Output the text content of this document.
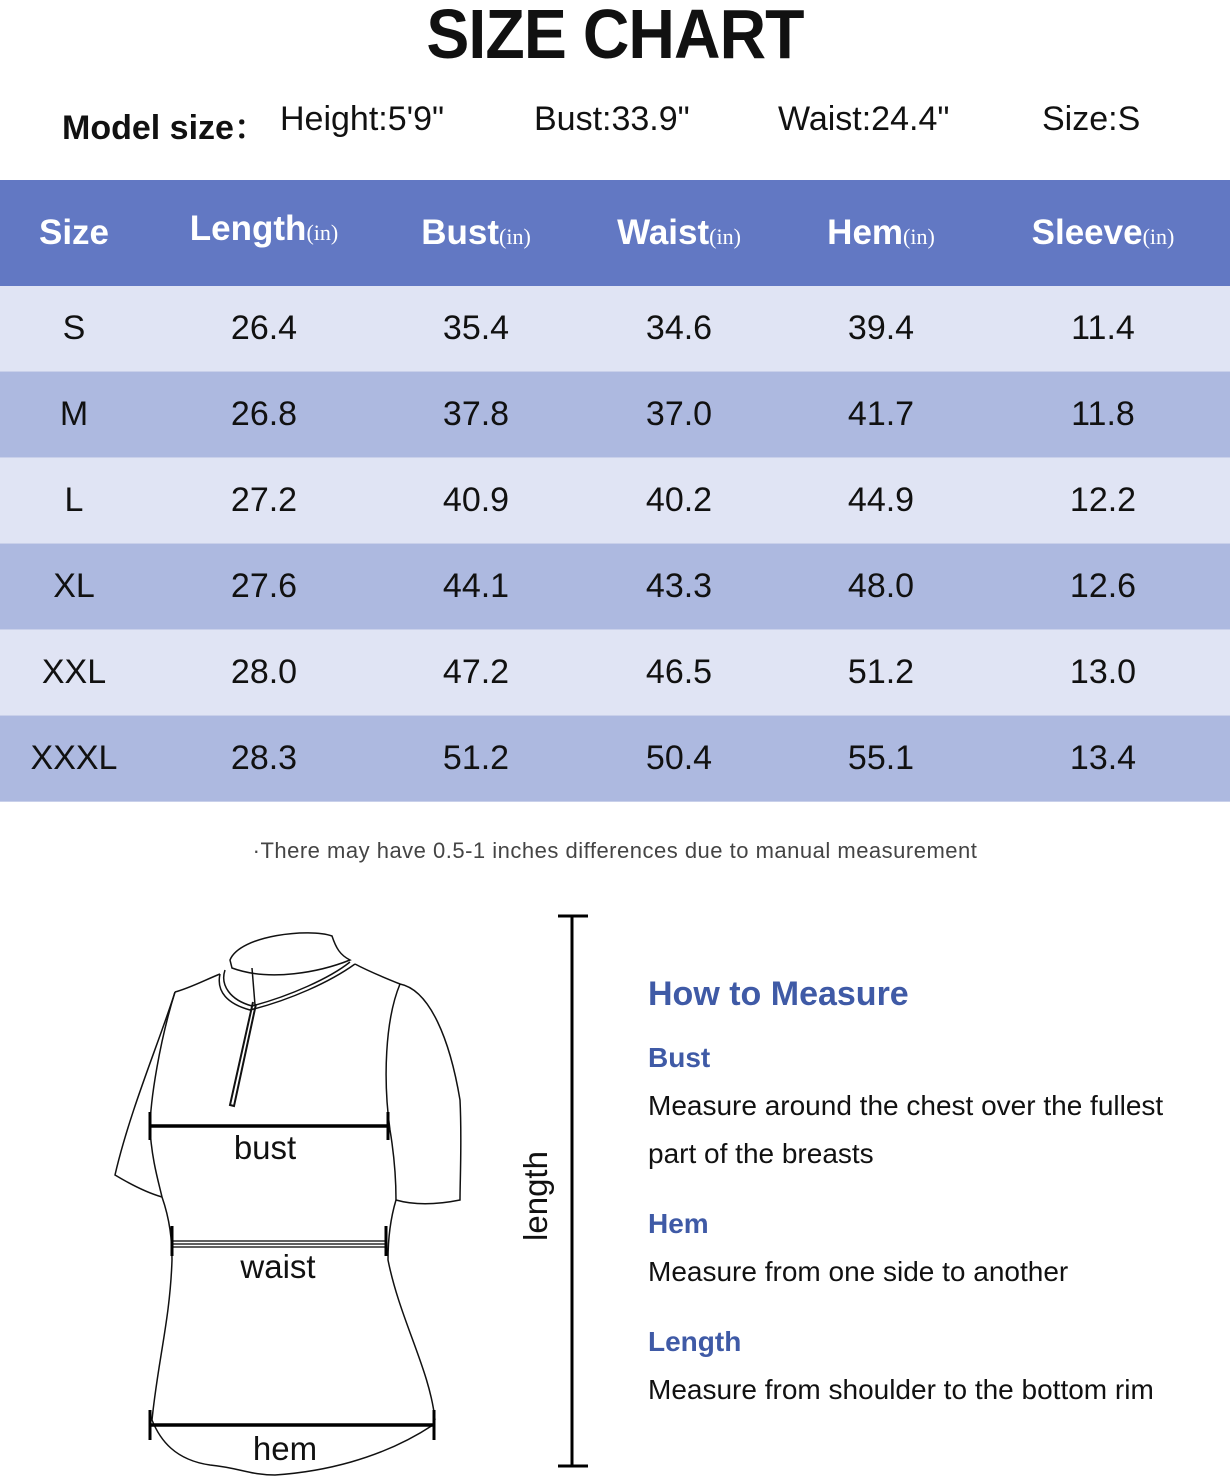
SIZE CHART
Model size： Height:5'9"	Bust:33.9"	Waist:24.4"	Size:S
Size	Length(in)	Bust(in)	Waist(in)	Hem(in)	Sleeve(in)
S	26.4	35.4	34.6	39.4	11.4
M	26.8	37.8	37.0	41.7	11.8
L	27.2	40.9	40.2	44.9	12.2
XL	27.6	44.1	43.3	48.0	12.6
XXL	28.0	47.2	46.5	51.2	13.0
XXXL	28.3	51.2	50.4	55.1	13.4
·There may have 0.5-1 inches differences due to manual measurement
bust
waist
hem
length
How to Measure
Bust

Measure around the chest over the fullest part of the breasts

Hem

Measure from one side to another

Length

Measure from shoulder to the bottom rim
